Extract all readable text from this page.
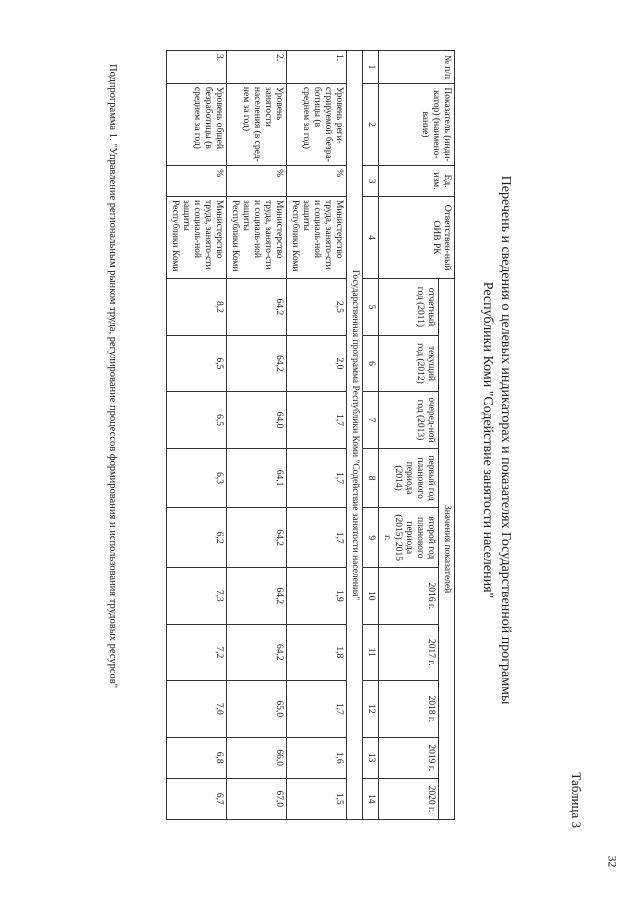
32
Таблица 3
Перечень и сведения о целевых индикаторах и показателях Государственной программы
Республики Коми "Содействие занятости населения"
№ п/п	Показатель (инди-катор) (наимено-вание)	Ед. изм.	Ответствен-ный ОИВ РК	Значения показателей									
				отчетный год (2011)	текущий год (2012)	очеред-ной год (2013)	первый год планового периода (2014)	второй год планового периода (2015) 2015 г.	2016 г.	2017 г.	2018 г.	2019 г.	2020 г.
1	2	3	4	5	6	7	8	9	10	11	12	13	14
Государственная программа Республики Коми "Содействие занятости населения"													
1.	Уровень реги-стрируемой безра-ботицы (в среднем за год)	%	Министерство труда, занято-сти и социаль-ной защиты Республики Коми	2,5	2,0	1,7	1,7	1,7	1,9	1,8	1,7	1,6	1,5
2.	Уровень занятости населения (в сред-нем за год)	%	Министерство труда, занято-сти и социаль-ной защиты Республики Коми	64,2	64,2	64,0	64,1	64,2	64,2	64,2	65,0	66,0	67,0
3.	Уровень общей безработицы (в среднем за год)	%	Министерство труда, занято-сти и социаль-ной защиты Республики Коми	8,2	6,5	6,5	6,3	6,2	7,3	7,2	7,0	6,8	6,7
Подпрограмма 1. "Управление региональным рынком труда, регулирование процессов формирования и использования трудовых ресурсов"
